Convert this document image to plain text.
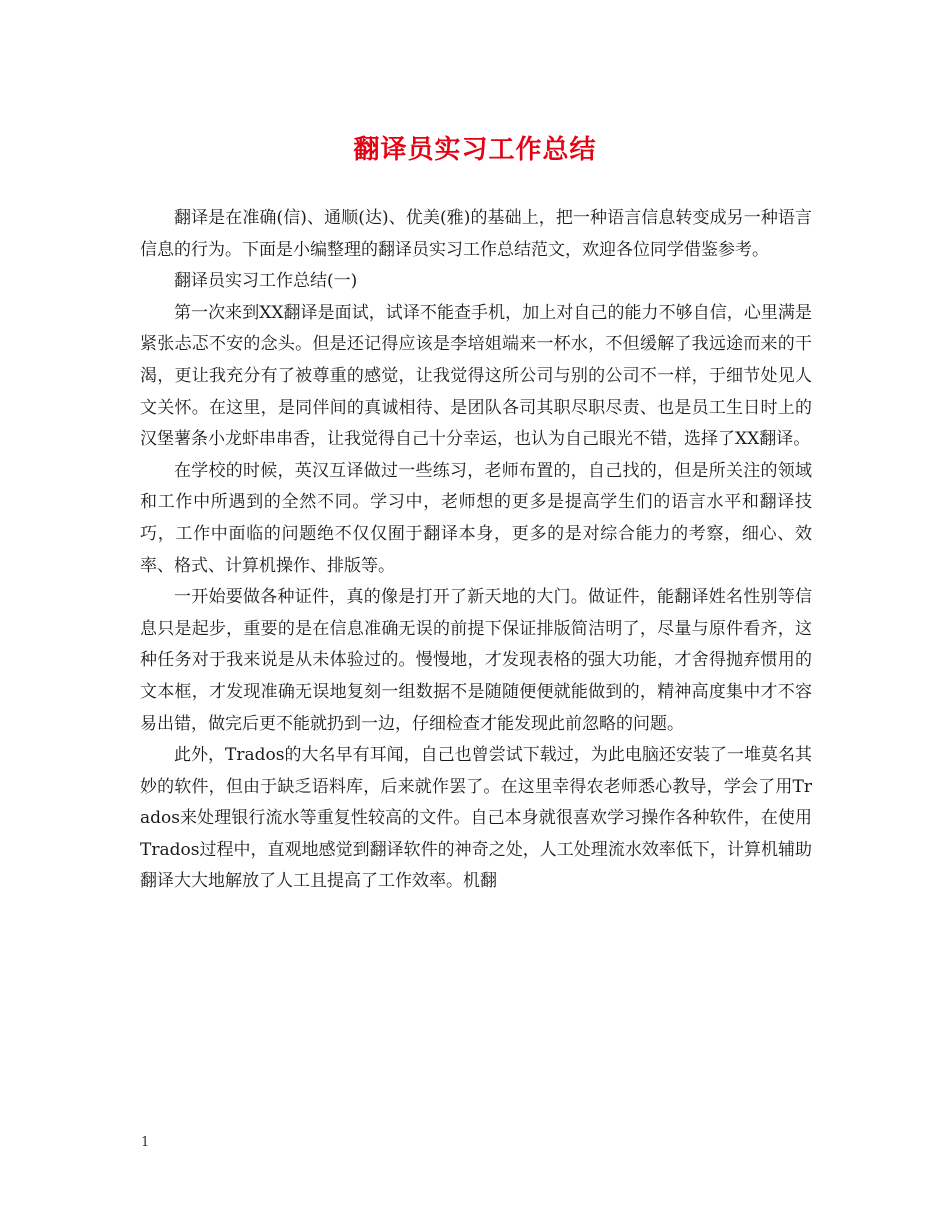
翻译员实习工作总结

翻译是在准确(信)、通顺(达)、优美(雅)的基础上，把一种语言信息转变成另一种语言信息的行为。下面是小编整理的翻译员实习工作总结范文，欢迎各位同学借鉴参考。

翻译员实习工作总结(一)

第一次来到XX翻译是面试，试译不能查手机，加上对自己的能力不够自信，心里满是紧张忐忑不安的念头。但是还记得应该是李培姐端来一杯水，不但缓解了我远途而来的干渴，更让我充分有了被尊重的感觉，让我觉得这所公司与别的公司不一样，于细节处见人文关怀。在这里，是同伴间的真诚相待、是团队各司其职尽职尽责、也是员工生日时上的汉堡薯条小龙虾串串香，让我觉得自己十分幸运，也认为自己眼光不错，选择了XX翻译。

在学校的时候，英汉互译做过一些练习，老师布置的，自己找的，但是所关注的领域和工作中所遇到的全然不同。学习中，老师想的更多是提高学生们的语言水平和翻译技巧，工作中面临的问题绝不仅仅囿于翻译本身，更多的是对综合能力的考察，细心、效率、格式、计算机操作、排版等。

一开始要做各种证件，真的像是打开了新天地的大门。做证件，能翻译姓名性别等信息只是起步，重要的是在信息准确无误的前提下保证排版简洁明了，尽量与原件看齐，这种任务对于我来说是从未体验过的。慢慢地，才发现表格的强大功能，才舍得抛弃惯用的文本框，才发现准确无误地复刻一组数据不是随随便便就能做到的，精神高度集中才不容易出错，做完后更不能就扔到一边，仔细检查才能发现此前忽略的问题。

此外，Trados的大名早有耳闻，自己也曾尝试下载过，为此电脑还安装了一堆莫名其妙的软件，但由于缺乏语料库，后来就作罢了。在这里幸得农老师悉心教导，学会了用Trados来处理银行流水等重复性较高的文件。自己本身就很喜欢学习操作各种软件，在使用Trados过程中，直观地感觉到翻译软件的神奇之处，人工处理流水效率低下，计算机辅助翻译大大地解放了人工且提高了工作效率。机翻

1
